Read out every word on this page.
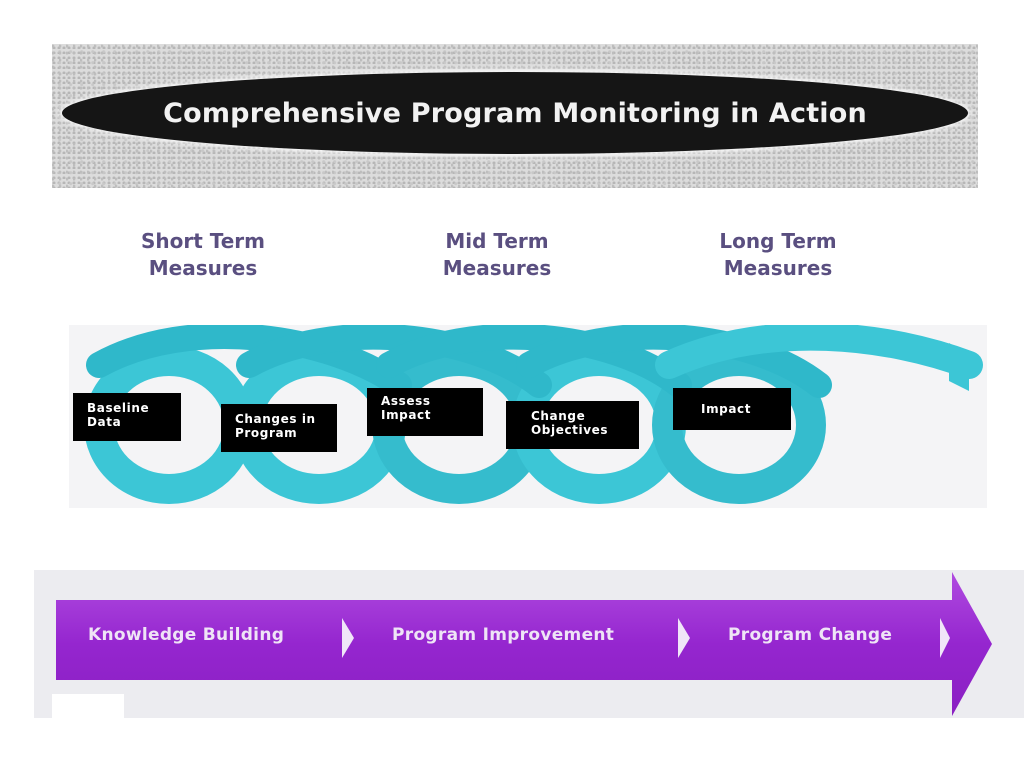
Comprehensive Program Monitoring in Action
Short Term
Measures
Mid Term
Measures
Long Term
Measures
Baseline
Data	Changes in
Program
Assess
Impact	Change
Objectives
Impact
Knowledge Building	Program Improvement	Program Change
